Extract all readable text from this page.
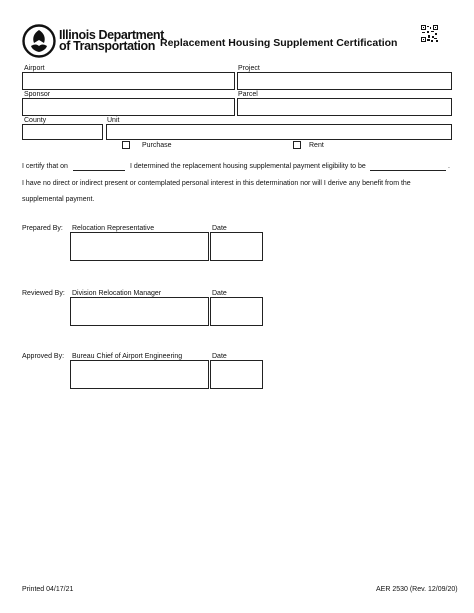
Illinois Department
of Transportation Replacement Housing Supplement Certification
Airport	Project
Sponsor	Parcel
County	Unit
Purchase	Rent
I certify that on	I determined the replacement housing supplemental payment eligibility to be	.
I have no direct or indirect present or contemplated personal interest in this determination nor will I derive any benefit from the
supplemental payment.
Prepared By: Relocation Representative	Date
Reviewed By: Division Relocation Manager	Date
Approved By: Bureau Chief of Airport Engineering	Date
Printed 04/17/21	AER 2530 (Rev. 12/09/20)
